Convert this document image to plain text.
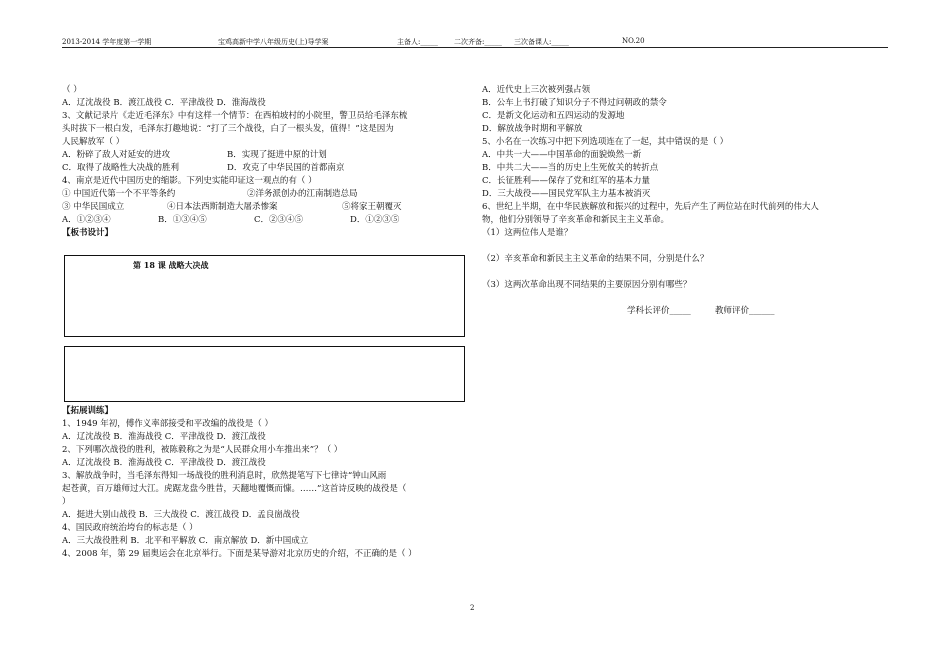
2013-2014 学年度第一学期	宝鸡高新中学八年级历史(上)导学案	主备人:_____ 二次齐备:_____ 三次备课人:_____	NO.20
（ ）
A．辽沈战役 B．渡江战役 C．平津战役 D．淮海战役
3、文献记录片《走近毛泽东》中有这样一个情节：在西柏坡村的小院里，警卫员给毛泽东梳
头时拔下一根白发，毛泽东打趣地说：“打了三个战役，白了一根头发，值得！”这是因为
人民解放军（ ）
A．粉碎了敌人对延安的进攻	B．实现了挺进中原的计划
C．取得了战略性大决战的胜利	D．攻克了中华民国的首都南京
4、南京是近代中国历史的缩影。下列史实能印证这一观点的有（ ）
① 中国近代第一个不平等条约	②洋务派创办的江南制造总局
③ 中华民国成立	④日本法西斯制造大屠杀惨案	⑤将家王朝覆灭
A．①②③④	B．①③④⑤	C．②③④⑤	D．①②③⑤
【板书设计】
第 18 课 战略大决战
【拓展训练】
1、1949 年初，傅作义率部接受和平改编的战役是（ ）
A．辽沈战役 B．淮海战役 C．平津战役 D．渡江战役
2、下列哪次战役的胜利，被陈毅称之为是“人民群众用小车推出来”？（ ）
A．辽沈战役 B．淮海战役 C．平津战役 D．渡江战役
3、解放战争时，当毛泽东得知一场战役的胜利消息时，欣然提笔写下七律诗“钟山风雨
起苍黄，百万雄师过大江。虎踞龙盘今胜昔，天翻地覆慨而慷。……”这首诗反映的战役是（
）
A．挺进大别山战役 B．三大战役 C．渡江战役 D．孟良崮战役
4、国民政府统治垮台的标志是（ ）
A．三大战役胜利 B．北平和平解放 C．南京解放 D．新中国成立
4、2008 年，第 29 届奥运会在北京举行。下面是某导游对北京历史的介绍，不正确的是（ ）
A．近代史上三次被列强占领
B．公车上书打破了知识分子不得过问朝政的禁令
C．是新文化运动和五四运动的发源地
D．解放战争时期和平解放
5、小名在一次练习中把下列选项连在了一起，其中错误的是（ ）
A．中共一大——中国革命的面貌焕然一新
B．中共二大——当的历史上生死攸关的转折点
C．长征胜利——保存了党和红军的基本力量
D．三大战役——国民党军队主力基本被消灭
6、世纪上半期，在中华民族解放和振兴的过程中，先后产生了两位站在时代前列的伟大人
物，他们分别领导了辛亥革命和新民主主义革命。
（1）这两位伟人是谁？
（2）辛亥革命和新民主主义革命的结果不同，分别是什么？
（3）这两次革命出现不同结果的主要原因分别有哪些？
学科长评价_____	教师评价______
2
